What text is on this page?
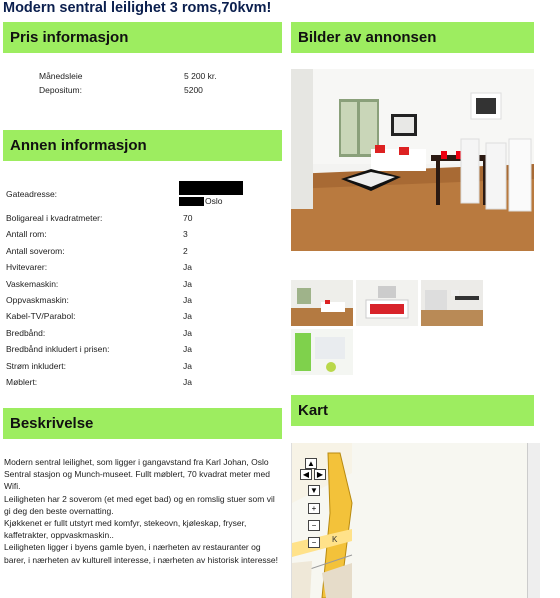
Modern sentral leilighet 3 roms,70kvm!
Pris informasjon
Annen informasjon
Beskrivelse
Bilder av annonsen
Kart
Månedsleie	5 200 kr.
Depositum:	5200
Gateadresse:
Oslo
Boligareal i kvadratmeter:	70
Antall rom:	3
Antall soverom:	2
Hvitevarer:	Ja
Vaskemaskin:	Ja
Oppvaskmaskin:	Ja
Kabel-TV/Parabol:	Ja
Bredbånd:	Ja
Bredbånd inkludert i prisen:	Ja
Strøm inkludert:	Ja
Møblert:	Ja

Modern sentral leilighet, som ligger i gangavstand fra Karl Johan, Oslo Sentral stasjon og Munch-museet. Fullt møblert, 70 kvadrat meter med Wifi.

Leiligheten har 2 soverom (et med eget bad) og en romslig stuer som vil gi deg den beste overnatting.

Kjøkkenet er fullt utstyrt med komfyr, stekeovn, kjøleskap, fryser, kaffetrakter, oppvaskmaskin..

Leiligheten ligger i byens gamle byen, i nærheten av restauranter og barer, i nærheten av kulturell interesse, i nærheten av historisk interesse!

▲
◀ ▶
▼
+
−
−	K
